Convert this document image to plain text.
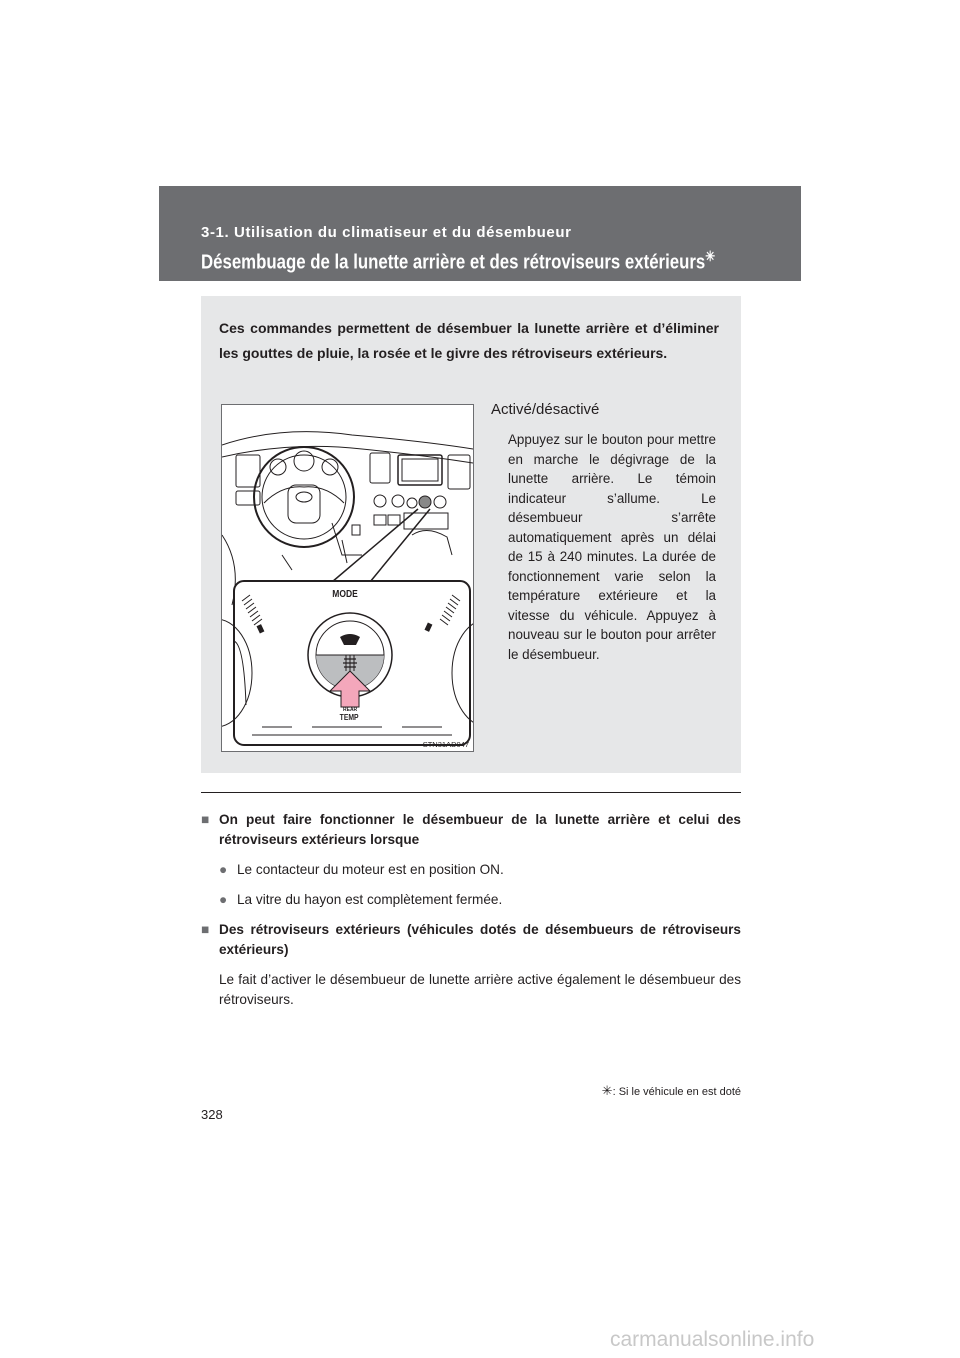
3-1. Utilisation du climatiseur et du désembueur
Désembuage de la lunette arrière et des rétroviseurs extérieurs✳
Ces commandes permettent de désembuer la lunette arrière et d’éliminer les gouttes de pluie, la rosée et le givre des rétroviseurs extérieurs.
MODE
REAR
TEMP
STN31AD047
Activé/désactivé
Appuyez sur le bouton pour mettre en marche le dégivrage de la lunette arrière. Le témoin indicateur s’allume. Le désembueur s’arrête automatiquement après un délai de 15 à 240 minutes. La durée de fonctionnement varie selon la température extérieure et la vitesse du véhicule. Appuyez à nouveau sur le bouton pour arrêter le désembueur.
■ On peut faire fonctionner le désembueur de la lunette arrière et celui des rétroviseurs extérieurs lorsque
● Le contacteur du moteur est en position ON.
● La vitre du hayon est complètement fermée.
■ Des rétroviseurs extérieurs (véhicules dotés de désembueurs de rétroviseurs extérieurs)
Le fait d’activer le désembueur de lunette arrière active également le désembueur des rétroviseurs.
✳: Si le véhicule en est doté
328
carmanualsonline.info
